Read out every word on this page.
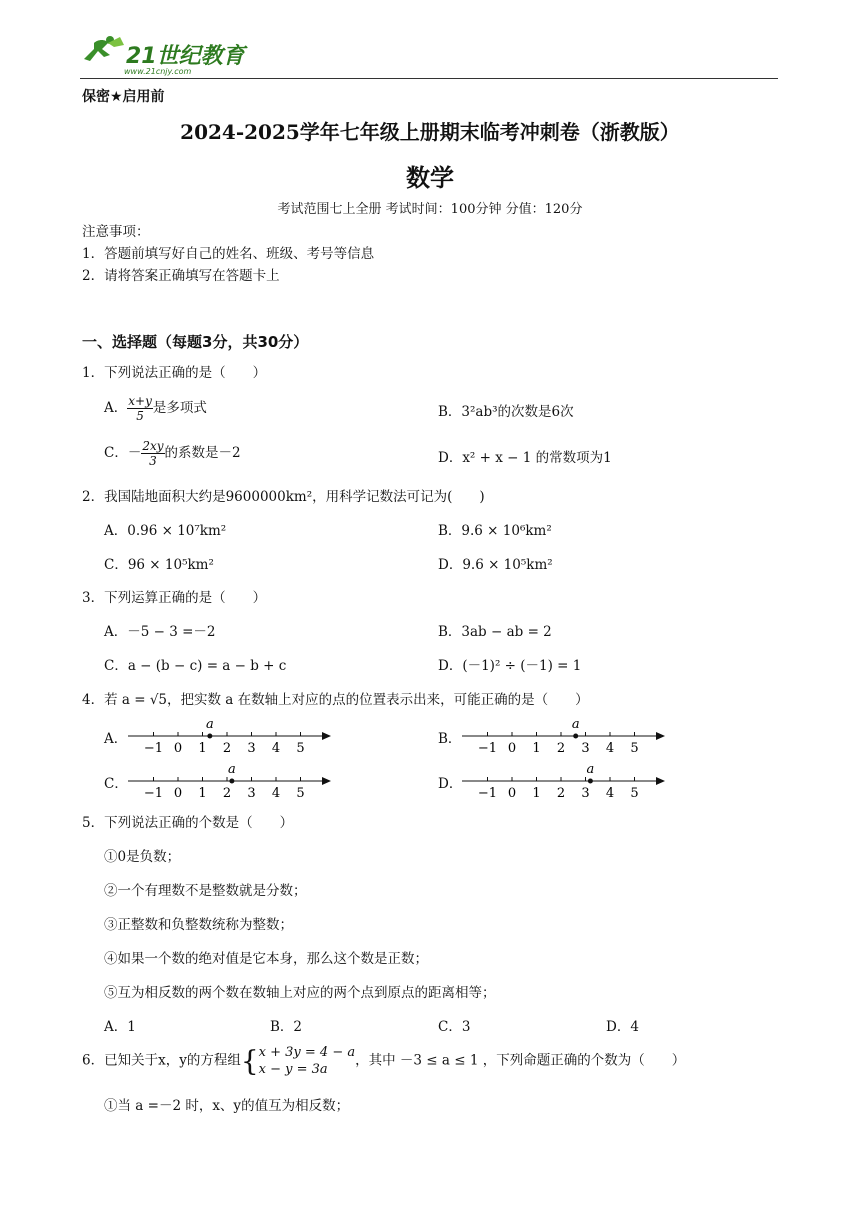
21世纪教育
www.21cnjy.com
保密★启用前
2024-2025学年七年级上册期末临考冲刺卷（浙教版）
数学
考试范围七上全册 考试时间：100分钟 分值：120分
注意事项：
1．答题前填写好自己的姓名、班级、考号等信息
2．请将答案正确填写在答题卡上
一、选择题（每题3分，共30分）
1．下列说法正确的是（　　）
A． $\frac{x+y}{5}$ 是多项式	B．3²ab³的次数是6次
C．－ $\frac{2xy}{3}$ 的系数是－2	D．x² + x − 1 的常数项为1
2．我国陆地面积大约是9600000km²，用科学记数法可记为(　　)
A．0.96 × 10⁷km²	B．9.6 × 10⁶km²
C．96 × 10⁵km²	D．9.6 × 10⁵km²
3．下列运算正确的是（　　）
A．－5 − 3 =－2	B．3ab − ab = 2
C．a − (b − c) = a − b + c	D．(－1)² ÷ (－1) = 1
4．若 a = √5，把实数 a 在数轴上对应的点的位置表示出来，可能正确的是（　　）
A．
−1 0 1 2 3 4 5
a
B．
−1 0 1 2 3 4 5
a
C．
−1 0 1 2 3 4 5
a
D．
−1 0 1 2 3 4 5
a
5．下列说法正确的个数是（　　）
①0是负数；
②一个有理数不是整数就是分数；
③正整数和负整数统称为整数；
④如果一个数的绝对值是它本身，那么这个数是正数；
⑤互为相反数的两个数在数轴上对应的两个点到原点的距离相等；
A．1	B．2	C．3	D．4
6．已知关于x，y的方程组{ x + 3y = 4 − a
x − y = 3a
，其中 －3 ≤ a ≤ 1 ，下列命题正确的个数为（　　）
①当 a =－2 时，x、y的值互为相反数；
